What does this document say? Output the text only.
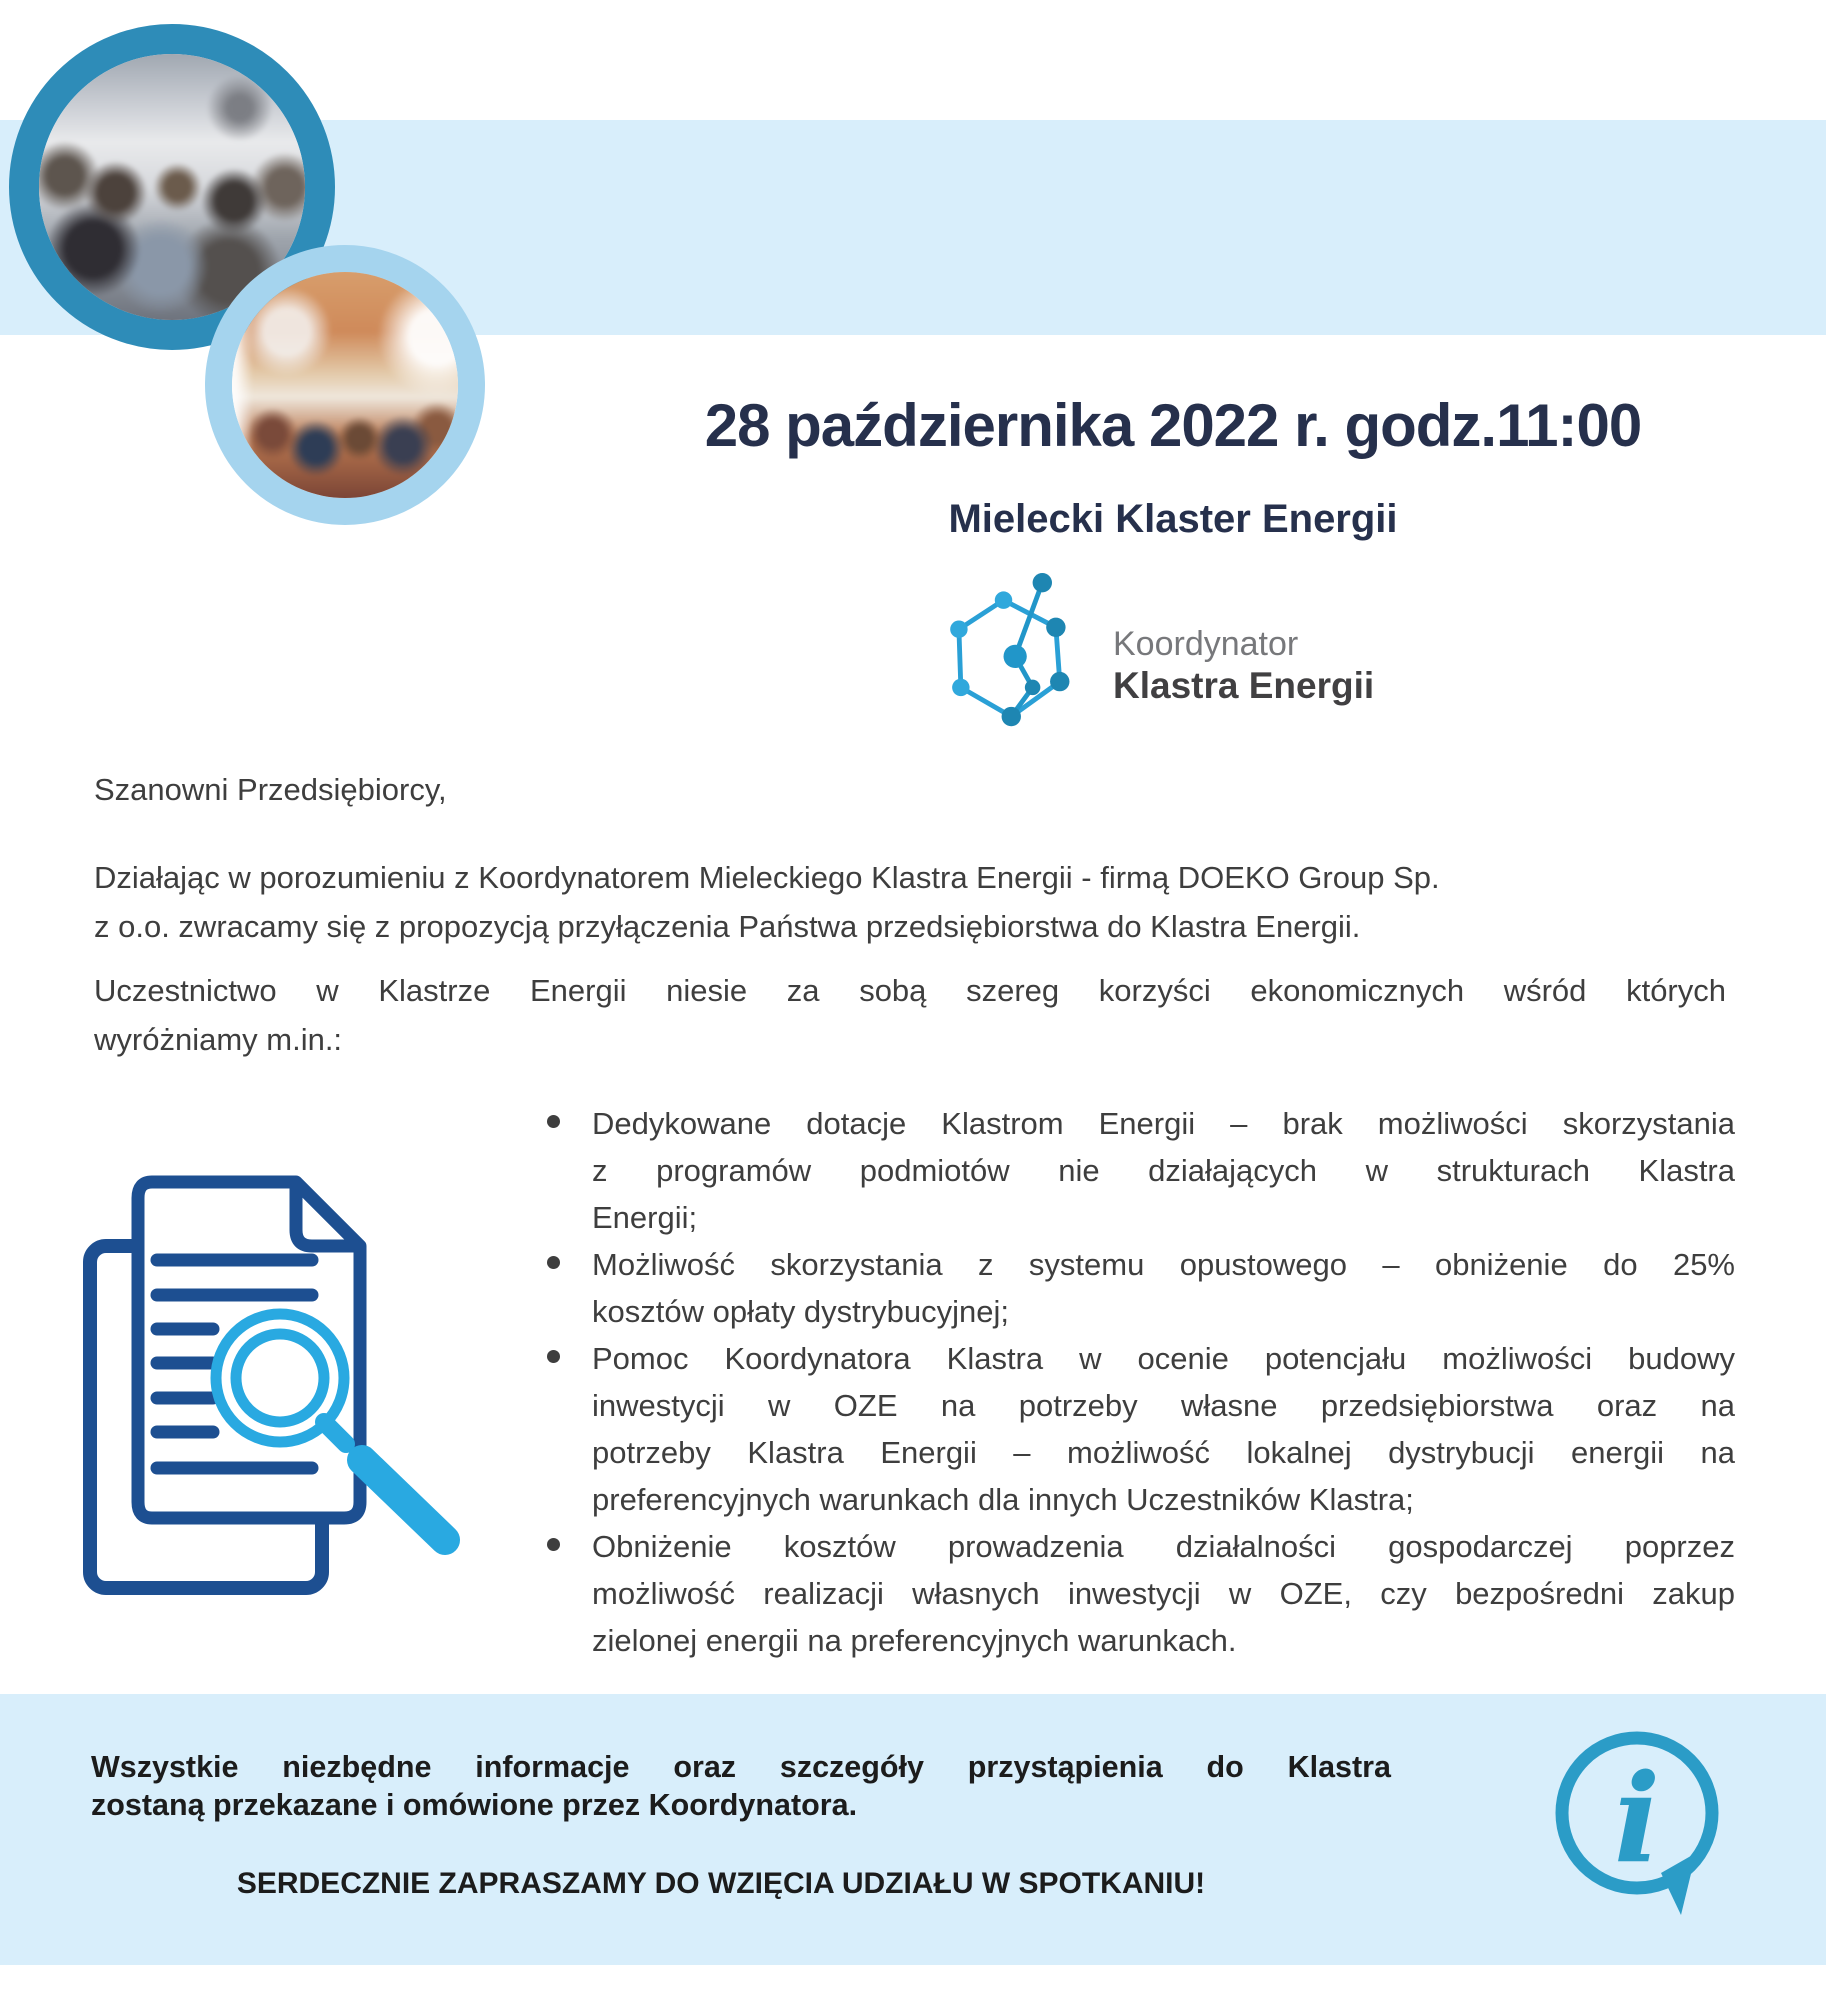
28 października 2022 r. godz.11:00
Mielecki Klaster Energii
Koordynator
Klastra Energii
Szanowni Przedsiębiorcy,
Działając w porozumieniu z Koordynatorem Mieleckiego Klastra Energii - firmą DOEKO Group Sp.
z o.o. zwracamy się z propozycją przyłączenia Państwa przedsiębiorstwa do Klastra Energii.
Uczestnictwo w Klastrze Energii niesie za sobą szereg korzyści ekonomicznych wśród których
wyróżniamy m.in.:
Dedykowane dotacje Klastrom Energii – brak możliwości skorzystania
z programów podmiotów nie działających w strukturach Klastra
Energii;
Możliwość skorzystania z systemu opustowego – obniżenie do 25%
kosztów opłaty dystrybucyjnej;
Pomoc Koordynatora Klastra w ocenie potencjału możliwości budowy
inwestycji w OZE na potrzeby własne przedsiębiorstwa oraz na
potrzeby Klastra Energii – możliwość lokalnej dystrybucji energii na
preferencyjnych warunkach dla innych Uczestników Klastra;
Obniżenie kosztów prowadzenia działalności gospodarczej poprzez
możliwość realizacji własnych inwestycji w OZE, czy bezpośredni zakup
zielonej energii na preferencyjnych warunkach.
Wszystkie niezbędne informacje oraz szczegóły przystąpienia do Klastra
zostaną przekazane i omówione przez Koordynatora.
SERDECZNIE ZAPRASZAMY DO WZIĘCIA UDZIAŁU W SPOTKANIU!	i
